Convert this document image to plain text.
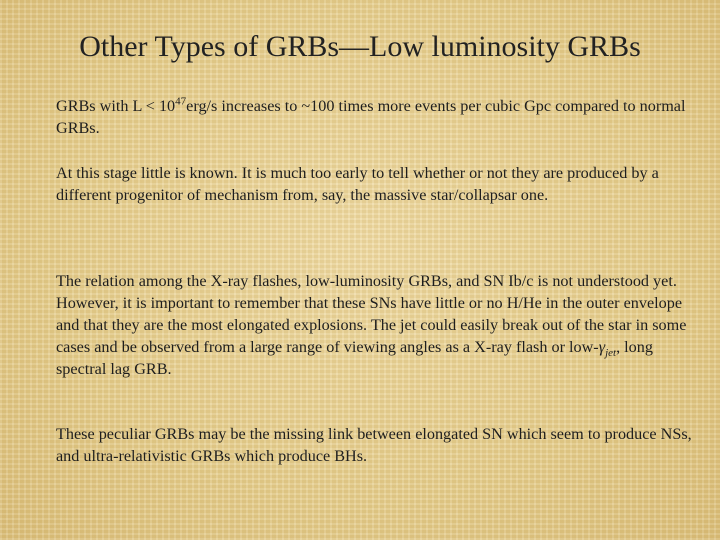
Other Types of GRBs—Low luminosity GRBs
GRBs with $L < 10^{47}erg/s$ increases to ~100 times more events per cubic Gpc compared to normal GRBs.
At this stage little is known. It is much too early to tell whether or not they are produced by a different progenitor of mechanism from, say, the massive star/collapsar one.
The relation among the X-ray flashes, low-luminosity GRBs, and SN Ib/c is not understood yet. However, it is important to remember that these SNs have little or no H/He in the outer envelope and that they are the most elongated explosions. The jet could easily break out of the star in some cases and be observed from a large range of viewing angles as a X-ray flash or low-$\gamma_{jet}$, long spectral lag GRB.
These peculiar GRBs may be the missing link between elongated SN which seem to produce NSs, and ultra-relativistic GRBs which produce BHs.
